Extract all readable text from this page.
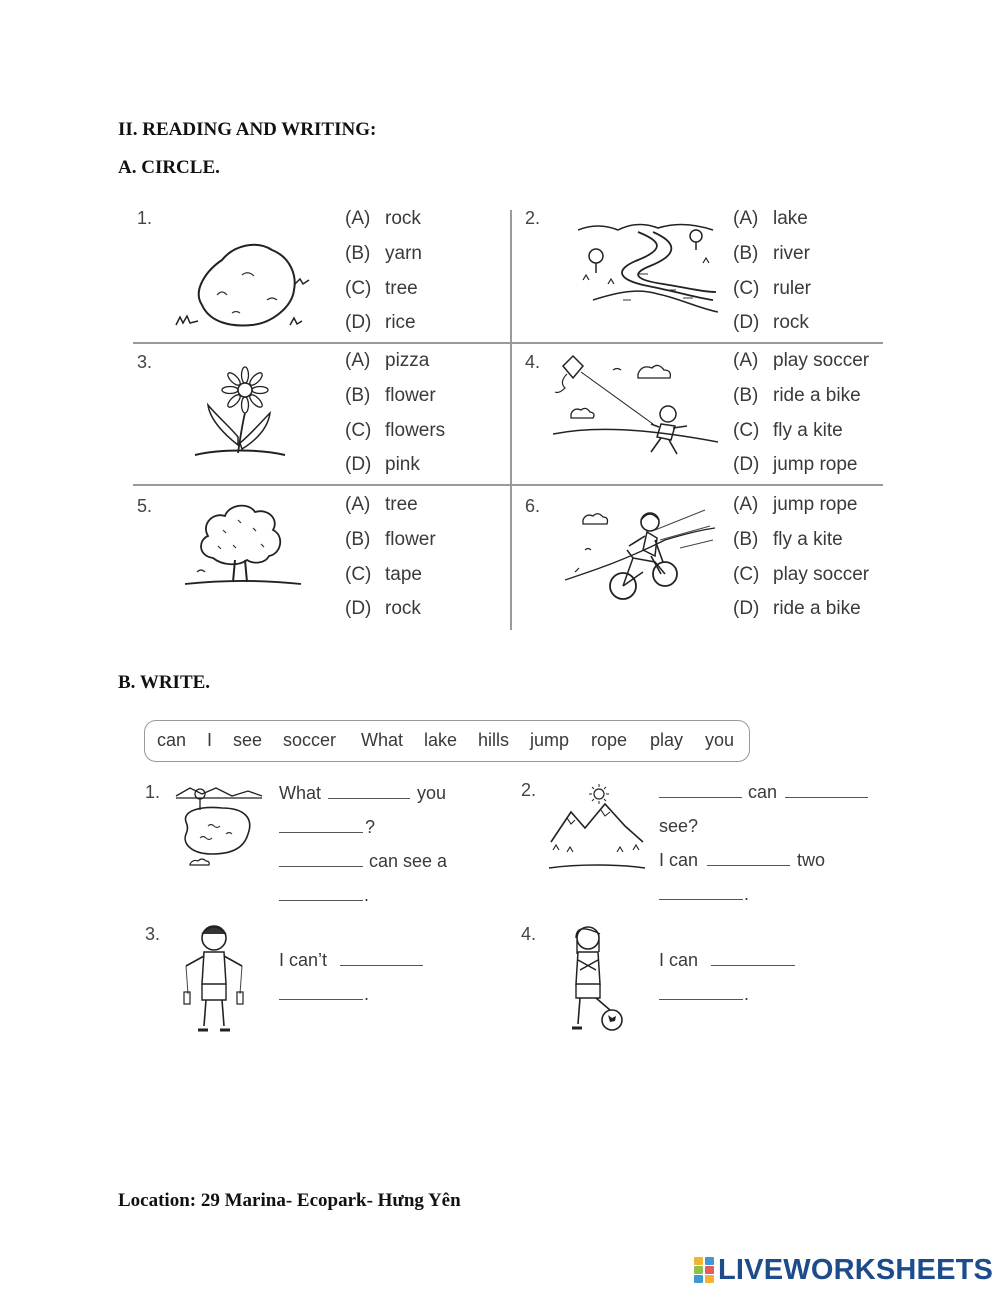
II. READING AND WRITING:
A. CIRCLE.
1.	(A) rock
(B) yarn
(C) tree
(D) rice
2.	(A) lake
(B) river
(C) ruler
(D) rock
3.	(A) pizza
(B) flower
(C) flowers
(D) pink
4.	(A) play soccer
(B) ride a bike
(C) fly a kite
(D) jump rope
5.	(A) tree
(B) flower
(C) tape
(D) rock
6.	(A) jump rope
(B) fly a kite
(C) play soccer
(D) ride a bike
B. WRITE.
can I see soccer What lake hills jump rope play you
1.	What	you
?
can see a
.
2.	can
see?
I can	two
.
3.
I can’t
.
4.
I can
.
Location: 29 Marina- Ecopark- Hưng Yên
LIVEWORKSHEETS
